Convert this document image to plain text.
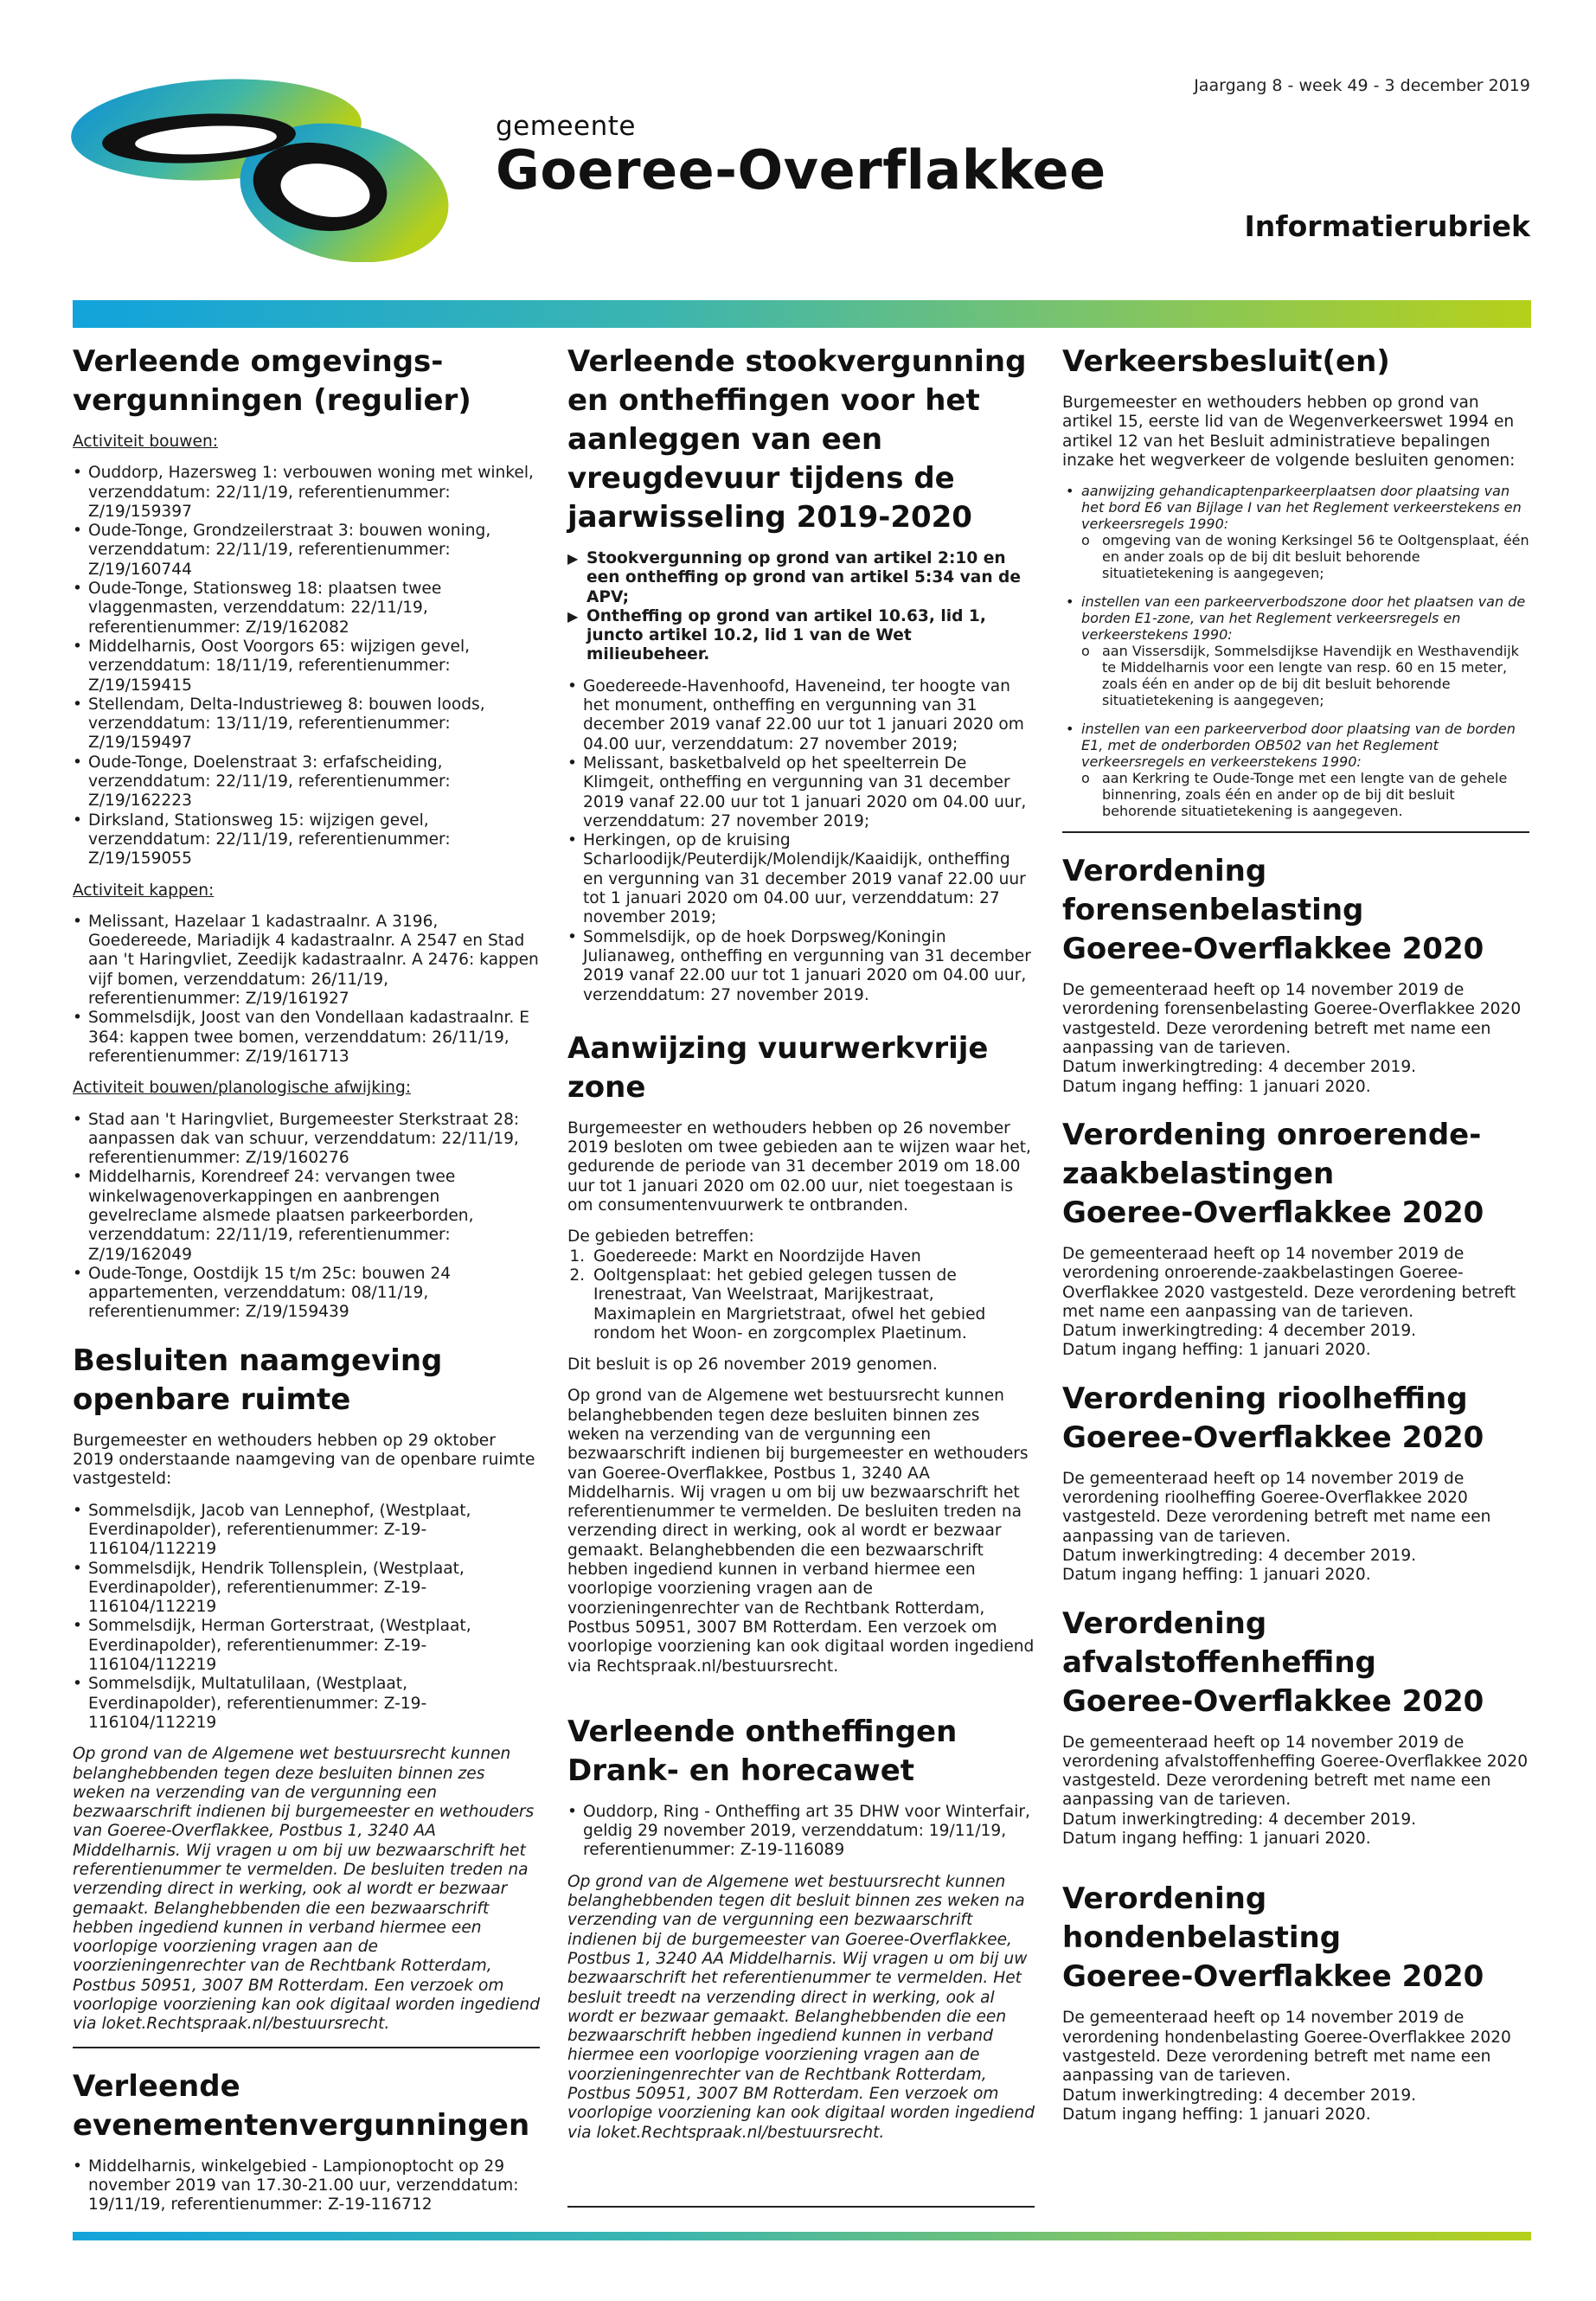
gemeente
Goeree-Overflakkee
Jaargang 8 - week 49 - 3 december 2019
Informatierubriek
Verleende omgevings-
vergunningen (regulier)

Activiteit bouwen:

• Ouddorp, Hazersweg 1: verbouwen woning met winkel, verzenddatum: 22/11/19, referentienummer: Z/19/159397
• Oude-Tonge, Grondzeilerstraat 3: bouwen woning, verzenddatum: 22/11/19, referentienummer: Z/19/160744
• Oude-Tonge, Stationsweg 18: plaatsen twee vlaggenmasten, verzenddatum: 22/11/19, referentienummer: Z/19/162082
• Middelharnis, Oost Voorgors 65: wijzigen gevel, verzenddatum: 18/11/19, referentienummer: Z/19/159415
• Stellendam, Delta-Industrieweg 8: bouwen loods, verzenddatum: 13/11/19, referentienummer: Z/19/159497
• Oude-Tonge, Doelenstraat 3: erfafscheiding, verzenddatum: 22/11/19, referentienummer: Z/19/162223
• Dirksland, Stationsweg 15: wijzigen gevel, verzenddatum: 22/11/19, referentienummer: Z/19/159055

Activiteit kappen:

• Melissant, Hazelaar 1 kadastraalnr. A 3196, Goedereede, Mariadijk 4 kadastraalnr. A 2547 en Stad aan 't Haringvliet, Zeedijk kadastraalnr. A 2476: kappen vijf bomen, verzenddatum: 26/11/19, referentienummer: Z/19/161927
• Sommelsdijk, Joost van den Vondellaan kadastraalnr. E 364: kappen twee bomen, verzenddatum: 26/11/19, referentienummer: Z/19/161713

Activiteit bouwen/planologische afwijking:

• Stad aan 't Haringvliet, Burgemeester Sterkstraat 28: aanpassen dak van schuur, verzenddatum: 22/11/19, referentienummer: Z/19/160276
• Middelharnis, Korendreef 24: vervangen twee winkelwagenoverkappingen en aanbrengen gevelreclame alsmede plaatsen parkeerborden, verzenddatum: 22/11/19, referentienummer: Z/19/162049
• Oude-Tonge, Oostdijk 15 t/m 25c: bouwen 24 appartementen, verzenddatum: 08/11/19, referentienummer: Z/19/159439
Besluiten naamgeving
openbare ruimte

Burgemeester en wethouders hebben op 29 oktober 2019 onderstaande naamgeving van de openbare ruimte vastgesteld:

• Sommelsdijk, Jacob van Lennephof, (Westplaat, Everdinapolder), referentienummer: Z-19-116104/112219
• Sommelsdijk, Hendrik Tollensplein, (Westplaat, Everdinapolder), referentienummer: Z-19-116104/112219
• Sommelsdijk, Herman Gorterstraat, (Westplaat, Everdinapolder), referentienummer: Z-19-116104/112219
• Sommelsdijk, Multatulilaan, (Westplaat, Everdinapolder), referentienummer: Z-19-116104/112219

Op grond van de Algemene wet bestuursrecht kunnen belanghebbenden tegen deze besluiten binnen zes weken na verzending van de vergunning een bezwaarschrift indienen bij burgemeester en wethouders van Goeree-Overflakkee, Postbus 1, 3240 AA Middelharnis. Wij vragen u om bij uw bezwaarschrift het referentienummer te vermelden. De besluiten treden na verzending direct in werking, ook al wordt er bezwaar gemaakt. Belanghebbenden die een bezwaarschrift hebben ingediend kunnen in verband hiermee een voorlopige voorziening vragen aan de voorzieningenrechter van de Rechtbank Rotterdam, Postbus 50951, 3007 BM Rotterdam. Een verzoek om voorlopige voorziening kan ook digitaal worden ingediend via loket.Rechtspraak.nl/bestuursrecht.

Verleende
evenementenvergunningen
• Middelharnis, winkelgebied - Lampionoptocht op 29 november 2019 van 17.30-21.00 uur, verzenddatum: 19/11/19, referentienummer: Z-19-116712
Verleende stookvergunning en ontheffingen voor het aanleggen van een vreugdevuur tijdens de jaarwisseling 2019-2020
▶ Stookvergunning op grond van artikel 2:10 en een ontheffing op grond van artikel 5:34 van de APV;
▶ Ontheffing op grond van artikel 10.63, lid 1, juncto artikel 10.2, lid 1 van de Wet milieubeheer.
• Goedereede-Havenhoofd, Haveneind, ter hoogte van het monument, ontheffing en vergunning van 31 december 2019 vanaf 22.00 uur tot 1 januari 2020 om 04.00 uur, verzenddatum: 27 november 2019;
• Melissant, basketbalveld op het speelterrein De Klimgeit, ontheffing en vergunning van 31 december 2019 vanaf 22.00 uur tot 1 januari 2020 om 04.00 uur, verzenddatum: 27 november 2019;
• Herkingen, op de kruising Scharloodijk/Peuterdijk/Molendijk/Kaaidijk, ontheffing en vergunning van 31 december 2019 vanaf 22.00 uur tot 1 januari 2020 om 04.00 uur, verzenddatum: 27 november 2019;
• Sommelsdijk, op de hoek Dorpsweg/Koningin Julianaweg, ontheffing en vergunning van 31 december 2019 vanaf 22.00 uur tot 1 januari 2020 om 04.00 uur, verzenddatum: 27 november 2019.
Aanwijzing vuurwerkvrije zone

Burgemeester en wethouders hebben op 26 november 2019 besloten om twee gebieden aan te wijzen waar het, gedurende de periode van 31 december 2019 om 18.00 uur tot 1 januari 2020 om 02.00 uur, niet toegestaan is om consumentenvuurwerk te ontbranden.

De gebieden betreffen:

1. Goedereede: Markt en Noordzijde Haven
2. Ooltgensplaat: het gebied gelegen tussen de Irenestraat, Van Weelstraat, Marijkestraat, Maximaplein en Margrietstraat, ofwel het gebied rondom het Woon- en zorgcomplex Plaetinum.

Dit besluit is op 26 november 2019 genomen.

Op grond van de Algemene wet bestuursrecht kunnen belanghebbenden tegen deze besluiten binnen zes weken na verzending van de vergunning een bezwaarschrift indienen bij burgemeester en wethouders van Goeree-Overflakkee, Postbus 1, 3240 AA Middelharnis. Wij vragen u om bij uw bezwaarschrift het referentienummer te vermelden. De besluiten treden na verzending direct in werking, ook al wordt er bezwaar gemaakt. Belanghebbenden die een bezwaarschrift hebben ingediend kunnen in verband hiermee een voorlopige voorziening vragen aan de voorzieningenrechter van de Rechtbank Rotterdam, Postbus 50951, 3007 BM Rotterdam. Een verzoek om voorlopige voorziening kan ook digitaal worden ingediend via Rechtspraak.nl/bestuursrecht.

Verleende ontheffingen
Drank- en horecawet
• Ouddorp, Ring - Ontheffing art 35 DHW voor Winterfair, geldig 29 november 2019, verzenddatum: 19/11/19, referentienummer: Z-19-116089

Op grond van de Algemene wet bestuursrecht kunnen belanghebbenden tegen dit besluit binnen zes weken na verzending van de vergunning een bezwaarschrift indienen bij de burgemeester van Goeree-Overflakkee, Postbus 1, 3240 AA Middelharnis. Wij vragen u om bij uw bezwaarschrift het referentienummer te vermelden. Het besluit treedt na verzending direct in werking, ook al wordt er bezwaar gemaakt. Belanghebbenden die een bezwaarschrift hebben ingediend kunnen in verband hiermee een voorlopige voorziening vragen aan de voorzieningenrechter van de Rechtbank Rotterdam, Postbus 50951, 3007 BM Rotterdam. Een verzoek om voorlopige voorziening kan ook digitaal worden ingediend via loket.Rechtspraak.nl/bestuursrecht.

Verkeersbesluit(en)

Burgemeester en wethouders hebben op grond van artikel 15, eerste lid van de Wegenverkeerswet 1994 en artikel 12 van het Besluit administratieve bepalingen inzake het wegverkeer de volgende besluiten genomen:

• aanwijzing gehandicaptenparkeerplaatsen door plaatsing van het bord E6 van Bijlage I van het Reglement verkeerstekens en verkeersregels 1990:
o omgeving van de woning Kerksingel 56 te Ooltgensplaat, één en ander zoals op de bij dit besluit behorende situatietekening is aangegeven;
• instellen van een parkeerverbodszone door het plaatsen van de borden E1-zone, van het Reglement verkeersregels en verkeerstekens 1990:
o aan Vissersdijk, Sommelsdijkse Havendijk en Westhavendijk te Middelharnis voor een lengte van resp. 60 en 15 meter, zoals één en ander op de bij dit besluit behorende situatietekening is aangegeven;
• instellen van een parkeerverbod door plaatsing van de borden E1, met de onderborden OB502 van het Reglement verkeersregels en verkeerstekens 1990:
o aan Kerkring te Oude-Tonge met een lengte van de gehele binnenring, zoals één en ander op de bij dit besluit behorende situatietekening is aangegeven.
Verordening forensenbelasting
Goeree-Overflakkee 2020

De gemeenteraad heeft op 14 november 2019 de verordening forensenbelasting Goeree-Overflakkee 2020 vastgesteld. Deze verordening betreft met name een aanpassing van de tarieven.
Datum inwerkingtreding: 4 december 2019.
Datum ingang heffing: 1 januari 2020.

Verordening onroerende-
zaakbelastingen
Goeree-Overflakkee 2020

De gemeenteraad heeft op 14 november 2019 de verordening onroerende-zaakbelastingen Goeree-Overflakkee 2020 vastgesteld. Deze verordening betreft met name een aanpassing van de tarieven.
Datum inwerkingtreding: 4 december 2019.
Datum ingang heffing: 1 januari 2020.

Verordening rioolheffing
Goeree-Overflakkee 2020

De gemeenteraad heeft op 14 november 2019 de verordening rioolheffing Goeree-Overflakkee 2020 vastgesteld. Deze verordening betreft met name een aanpassing van de tarieven.
Datum inwerkingtreding: 4 december 2019.
Datum ingang heffing: 1 januari 2020.

Verordening afvalstoffenheffing
Goeree-Overflakkee 2020

De gemeenteraad heeft op 14 november 2019 de verordening afvalstoffenheffing Goeree-Overflakkee 2020 vastgesteld. Deze verordening betreft met name een aanpassing van de tarieven.
Datum inwerkingtreding: 4 december 2019.
Datum ingang heffing: 1 januari 2020.

Verordening hondenbelasting
Goeree-Overflakkee 2020

De gemeenteraad heeft op 14 november 2019 de verordening hondenbelasting Goeree-Overflakkee 2020 vastgesteld. Deze verordening betreft met name een aanpassing van de tarieven.
Datum inwerkingtreding: 4 december 2019.
Datum ingang heffing: 1 januari 2020.
